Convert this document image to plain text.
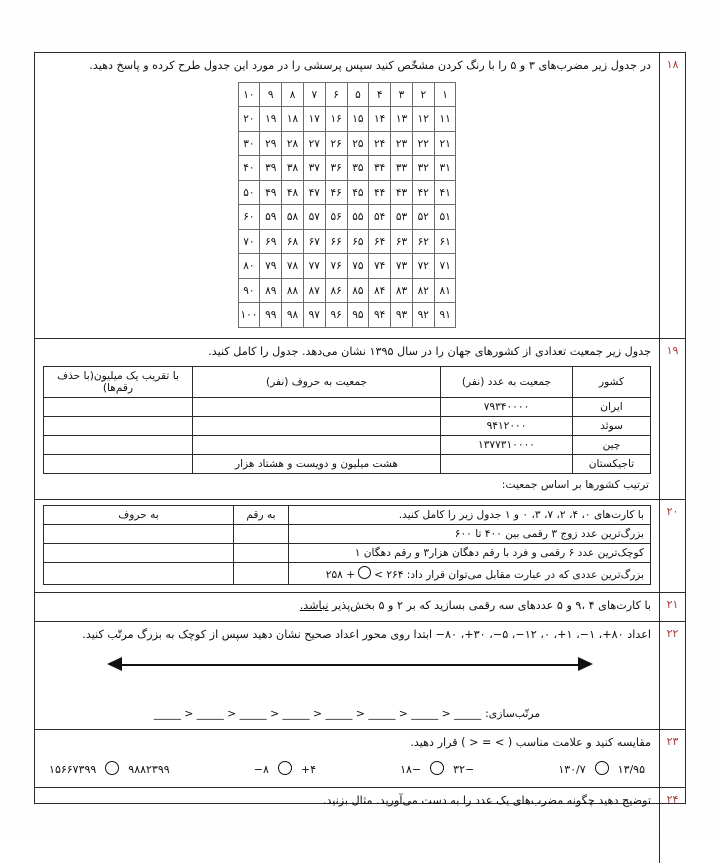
۱۸
در جدول زیر مضرب‌های ۳ و ۵ را با رنگ کردن مشخّص کنید سپس پرسشی را در مورد این جدول طرح کرده و پاسخ دهید.
۱	۲	۳	۴	۵	۶	۷	۸	۹	۱۰
۱۱	۱۲	۱۳	۱۴	۱۵	۱۶	۱۷	۱۸	۱۹	۲۰
۲۱	۲۲	۲۳	۲۴	۲۵	۲۶	۲۷	۲۸	۲۹	۳۰
۳۱	۳۲	۳۳	۳۴	۳۵	۳۶	۳۷	۳۸	۳۹	۴۰
۴۱	۴۲	۴۳	۴۴	۴۵	۴۶	۴۷	۴۸	۴۹	۵۰
۵۱	۵۲	۵۳	۵۴	۵۵	۵۶	۵۷	۵۸	۵۹	۶۰
۶۱	۶۲	۶۳	۶۴	۶۵	۶۶	۶۷	۶۸	۶۹	۷۰
۷۱	۷۲	۷۳	۷۴	۷۵	۷۶	۷۷	۷۸	۷۹	۸۰
۸۱	۸۲	۸۳	۸۴	۸۵	۸۶	۸۷	۸۸	۸۹	۹۰
۹۱	۹۲	۹۳	۹۴	۹۵	۹۶	۹۷	۹۸	۹۹	۱۰۰
۱۹
جدول زیر جمعیت تعدادی از کشورهای جهان را در سال ۱۳۹۵ نشان می‌دهد. جدول را کامل کنید.
کشور	جمعیت به عدد (نفر)	جمعیت به حروف (نفر)	با تقریب یک میلیون(با حذف رقم‌ها)
ایران	۷۹۳۴۰۰۰۰		
سوئد	۹۴۱۲۰۰۰		
چین	۱۳۷۷۳۱۰۰۰۰		
تاجیکستان		هشت میلیون و دویست و هشتاد هزار	
ترتیب کشورها بر اساس جمعیت:
۲۰
با کارت‌های ۰، ۴، ۲، ۷، ۳، ۰ و ۱ جدول زیر را کامل کنید.	به رقم	به حروف
بزرگ‌ترین عدد زوج ۳ رقمی بین ۴۰۰ تا ۶۰۰		
کوچک‌ترین عدد ۶ رقمی و فرد با رقم دهگان هزار۳ و رقم دهگان ۱		
بزرگ‌ترین عددی که در عبارت مقابل می‌توان قرار داد: ۲۶۴ >+ ۲۵۸		
۲۱
با کارت‌های ۴ ،۹ و ۵ عددهای سه رقمی بسازید که بر ۲ و ۵ بخش‌پذیر نباشد.
۲۲
اعداد ۸۰+، ۱−، ۱+، ۰، ۱۲−، ۵−، ۳۰+، ۸۰− ابتدا روی محور اعداد صحیح نشان دهید سپس از کوچک به بزرگ مرتّب کنید.
مرتّب‌سازی:_____ < _____ < _____ < _____ < _____ < _____ < _____ < _____
۲۳
مقایسه کنید و علامت مناسب ( > = < ) قرار دهید.
۱۳/۹۵۱۳۰/۷
−۳۲−۱۸
۴+۸−
۹۸۸۲۳۹۹۱۵۶۶۷۳۹۹
۲۴
توضیح دهید چگونه مضرب‌های یک عدد را به دست می‌آورید. مثال بزنید.
